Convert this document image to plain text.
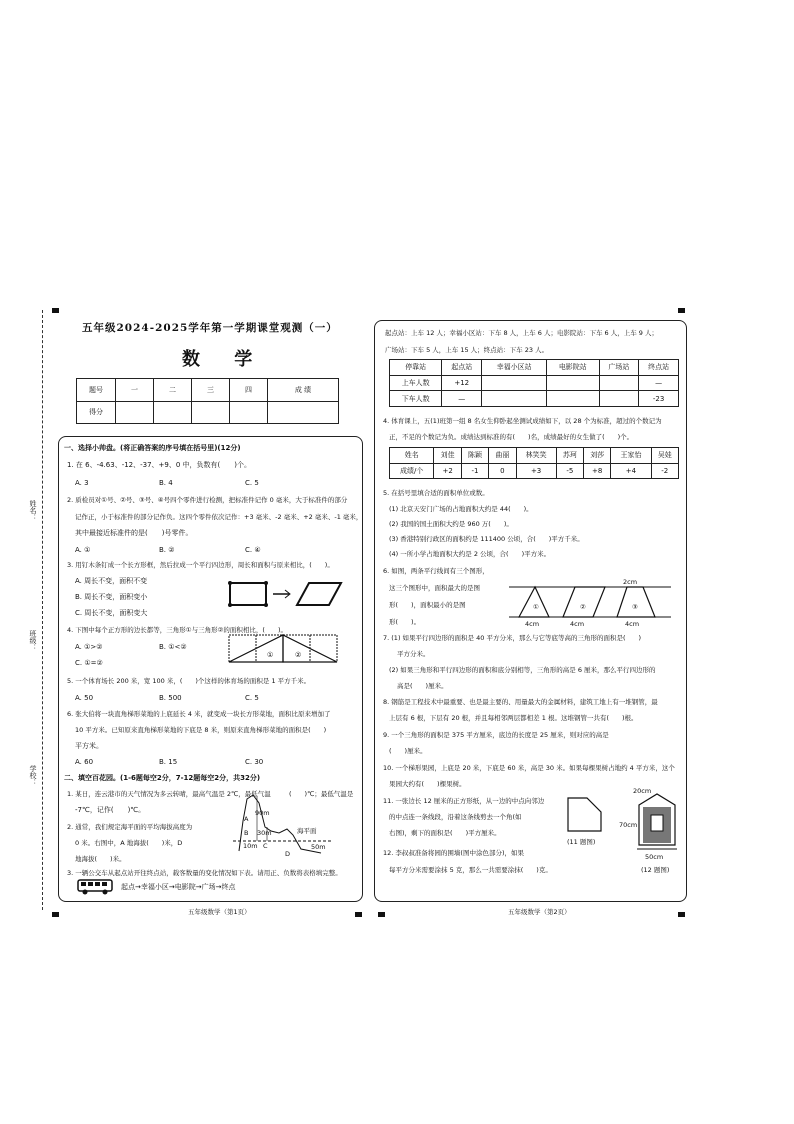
姓名：
班级：
学校：
五年级2024-2025学年第一学期课堂观测（一）
数 学
题号	一	二	三	四	成 绩
得分					
一、选择小帅盘。(将正确答案的序号填在括号里)(12分)
1. 在 6、-4.63、-12、-37、+9、0 中，负数有(　　)个。
A. 3	B. 4	C. 5
2. 质检员对①号、②号、③号、④号四个零件进行检测，把标准件记作 0 毫米，大于标准件的部分
记作正，小于标准件的部分记作负。这四个零件依次记作：+3 毫米、-2 毫米、+2 毫米、-1 毫米，
其中最接近标准件的是(　　)号零件。
A. ①	B. ②	C. ④
3. 用钉木条钉成一个长方形框，然后拉成一个平行四边形，周长和面积与原来相比，(　　)。
A. 周长不变，面积不变
B. 周长不变，面积变小
C. 周长不变，面积变大
4. 下图中每个正方形的边长都等，三角形①与三角形②的面积相比，(　　)。
A. ①>②	B. ①<②
C. ①=②
①	②
5. 一个体育场长 200 米，宽 100 米，(　　)个这样的体育场的面积是 1 平方千米。
A. 50	B. 500	C. 5
6. 张大伯将一块直角梯形菜地的上底延长 4 米，就变成一块长方形菜地，面积比原来增加了
10 平方米。已知原来直角梯形菜地的下底是 8 米，则原来直角梯形菜地的面积是(　　)
平方米。
A. 60	B. 15	C. 30
二、填空百花园。(1-6题每空2分，7-12题每空2分，共32分)
1. 某日，连云港市的天气情况为多云转晴，最高气温是 2℃，最低气温	(　　)℃；最低气温是
-7℃，记作(　　)℃。
2. 通常，我们规定海平面的平均海拔高度为
0 米。右图中，A 地海拔(　　)米，D
地海拔(　　)米。
90m
A
B 30m	海平面
10m C
D
50m
3. 一辆公交车从起点站开往终点站，载客数量的变化情况如下表。请用正、负数将表格填完整。
起点→幸福小区→电影院→广场→终点
五年级数学（第1页）
起点站：上车 12 人；幸福小区站：下车 8 人，上车 6 人；电影院站：下车 6 人，上车 9 人；
广场站：下车 5 人，上车 15 人；终点站：下车 23 人。
停靠站	起点站	幸福小区站	电影院站	广场站	终点站
上车人数	+12				—
下车人数	—				-23
4. 体育课上，五(1)班第一组 8 名女生仰卧起坐测试成绩如下，以 28 个为标准，超过的个数记为
正，不足的个数记为负。成绩达到标准的有(　　)名，成绩最好的女生做了(　　)个。
姓名	刘佳	陈颖	曲丽	林笑笑	苏珂	刘莎	王家怡	吴娃
成绩/个	+2	-1	0	+3	-5	+8	+4	-2
5. 在括号里填合适的面积单位或数。
(1) 北京天安门广场的占地面积大约是 44(　　)。
(2) 我国的国土面积大约是 960 万(　　)。
(3) 香港特别行政区的面积约是 111400 公顷，合(　　)平方千米。
(4) 一所小学占地面积大约是 2 公顷，合(　　)平方米。
6. 如图，两条平行线间有三个图形，
这三个图形中，面积最大的是图
形(　　)，面积最小的是图
形(　　)。
2cm
①	②	③
4cm	4cm	4cm
7. (1) 如果平行四边形的面积是 40 平方分米，那么与它等底等高的三角形的面积是(　　)
平方分米。
(2) 如果三角形和平行四边形的面积和底分别相等，三角形的高是 6 厘米，那么平行四边形的
高是(　　)厘米。
8. 钢筋是工程技术中最重要、也是最主要的、用量最大的金属材料，建筑工地上有一堆钢管，最
上层有 6 根，下层有 20 根，并且每相邻两层都相差 1 根。这堆钢管一共有(　　)根。
9. 一个三角形的面积是 375 平方厘米，底边的长度是 25 厘米，则对应的高是
(　　)厘米。
10. 一个梯形果园，上底是 20 米，下底是 60 米，高是 30 米。如果每棵果树占地约 4 平方米，这个
果园大约有(　　)棵果树。
11. 一张边长 12 厘米的正方形纸，从一边的中点向邻边
的中点连一条线段，沿着这条线剪去一个角(如
右图)，剩下的面积是(　　)平方厘米。
(11 题图)
20cm
70cm
50cm
(12 题图)
12. 李叔叔准备将园的围墙(图中涂色部分)，如果
每平方分米需要涂抹 5 克，那么一共需要涂抹(　　)克。
五年级数学（第2页）
